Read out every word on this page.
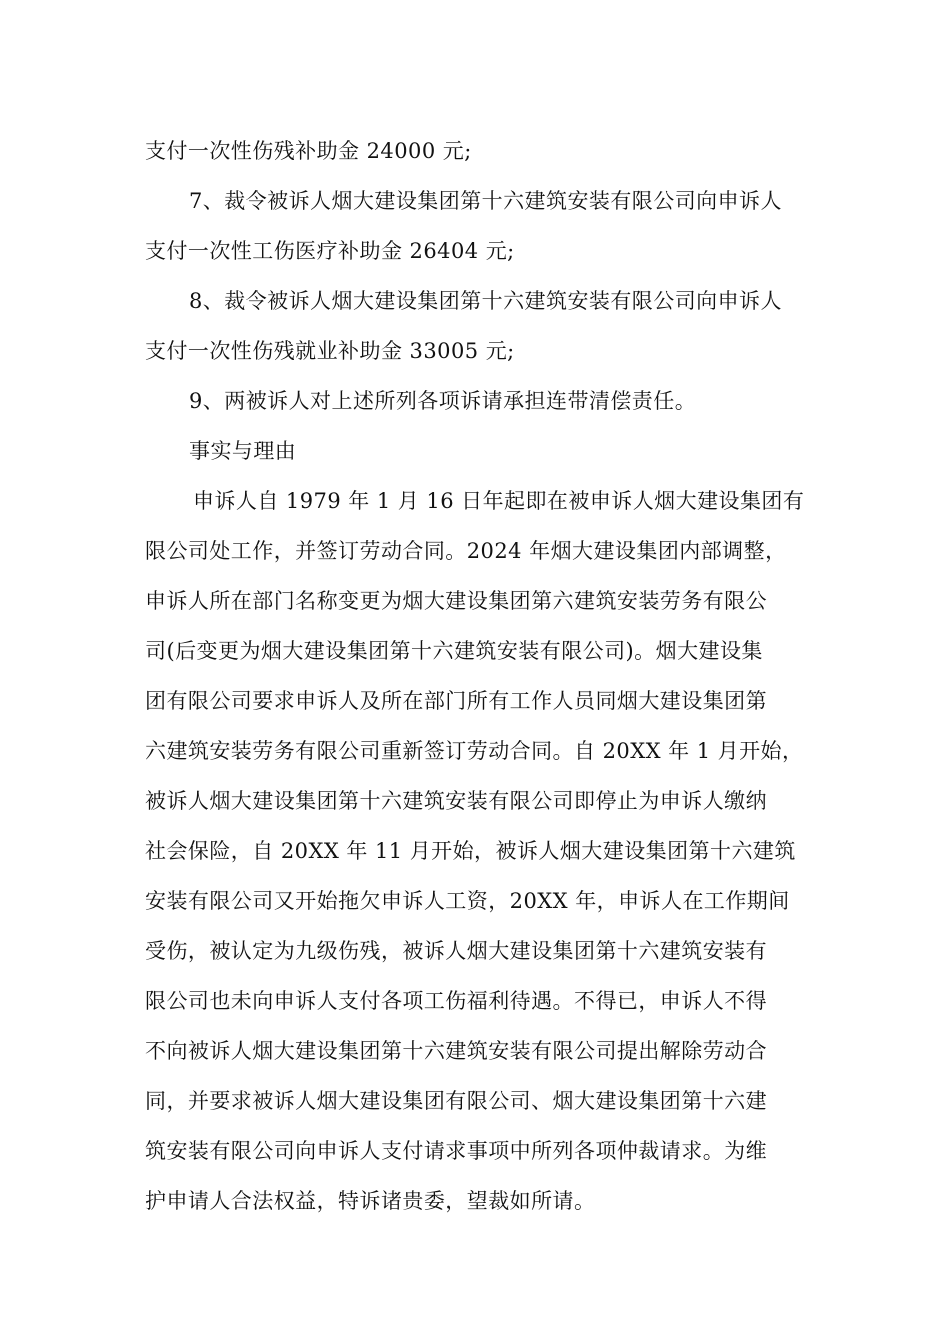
支付一次性伤残补助金 24000 元;

7、裁令被诉人烟大建设集团第十六建筑安装有限公司向申诉人
支付一次性工伤医疗补助金 26404 元;

8、裁令被诉人烟大建设集团第十六建筑安装有限公司向申诉人
支付一次性伤残就业补助金 33005 元;

9、两被诉人对上述所列各项诉请承担连带清偿责任。

事实与理由

申诉人自 1979 年 1 月 16 日年起即在被申诉人烟大建设集团有
限公司处工作，并签订劳动合同。2024 年烟大建设集团内部调整，
申诉人所在部门名称变更为烟大建设集团第六建筑安装劳务有限公
司(后变更为烟大建设集团第十六建筑安装有限公司)。烟大建设集
团有限公司要求申诉人及所在部门所有工作人员同烟大建设集团第
六建筑安装劳务有限公司重新签订劳动合同。自 20XX 年 1 月开始，
被诉人烟大建设集团第十六建筑安装有限公司即停止为申诉人缴纳
社会保险，自 20XX 年 11 月开始，被诉人烟大建设集团第十六建筑
安装有限公司又开始拖欠申诉人工资，20XX 年，申诉人在工作期间
受伤，被认定为九级伤残，被诉人烟大建设集团第十六建筑安装有
限公司也未向申诉人支付各项工伤福利待遇。不得已，申诉人不得
不向被诉人烟大建设集团第十六建筑安装有限公司提出解除劳动合
同，并要求被诉人烟大建设集团有限公司、烟大建设集团第十六建
筑安装有限公司向申诉人支付请求事项中所列各项仲裁请求。为维
护申请人合法权益，特诉诸贵委，望裁如所请。
